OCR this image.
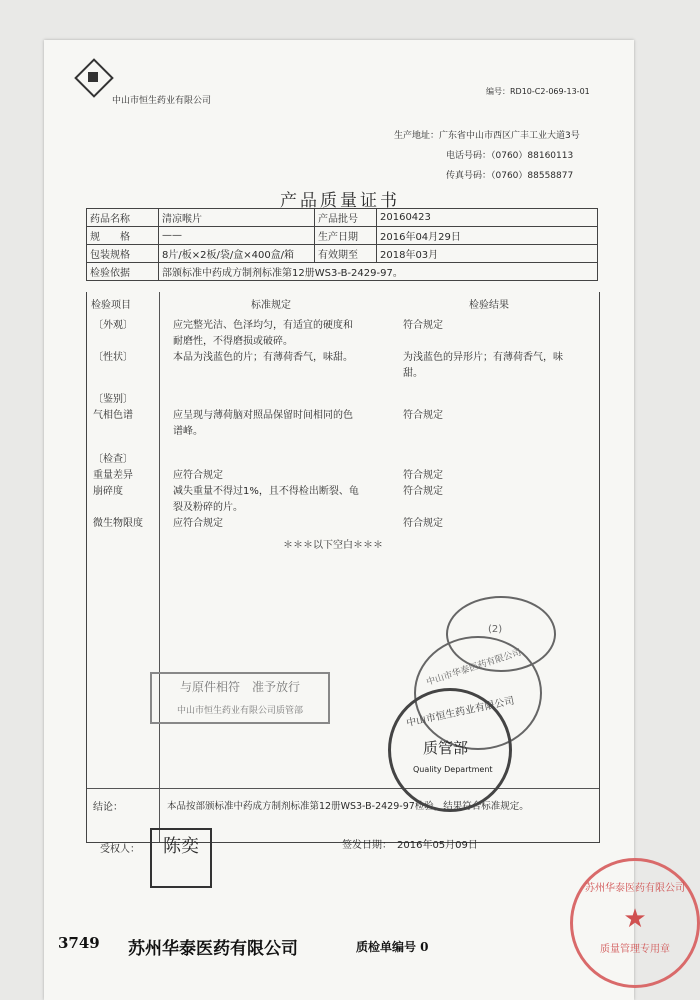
中山市恒生药业有限公司
编号：RD10-C2-069-13-01
生产地址：广东省中山市西区广丰工业大道3号
电话号码：（0760）88160113
传真号码：（0760）88558877
产品质量证书
药品名称	清凉喉片	产品批号	20160423
规　　格	——	生产日期	2016年04月29日
包装规格	8片/板×2板/袋/盒×400盒/箱	有效期至	2018年03月
检验依据	部颁标准中药成方制剂标准第12册WS3-B-2429-97。		
检验项目	标准规定	检验结果
〔外观〕	应完整光洁、色泽均匀，有适宜的硬度和	符合规定
耐磨性，不得磨损或破碎。
〔性状〕	本品为浅蓝色的片；有薄荷香气，味甜。	为浅蓝色的异形片；有薄荷香气，味
甜。
〔鉴别〕
气相色谱	应呈现与薄荷脑对照品保留时间相同的色	符合规定
谱峰。
〔检查〕
重量差异	应符合规定	符合规定
崩碎度	减失重量不得过1%，且不得检出断裂、龟	符合规定
裂及粉碎的片。
微生物限度	应符合规定	符合规定
＊＊＊以下空白＊＊＊
结论：	本品按部颁标准中药成方制剂标准第12册WS3-B-2429-97检验，结果符合标准规定。
与原件相符　准予放行
中山市恒生药业有限公司质管部
(2)
中山市华泰医药有限公司
中山市恒生药业有限公司
质管部
Quality Department
受权人：	陈奕	签发日期：　2016年05月09日
苏州华泰医药有限公司
★
质量管理专用章
3749 苏州华泰医药有限公司	质检单编号 0
